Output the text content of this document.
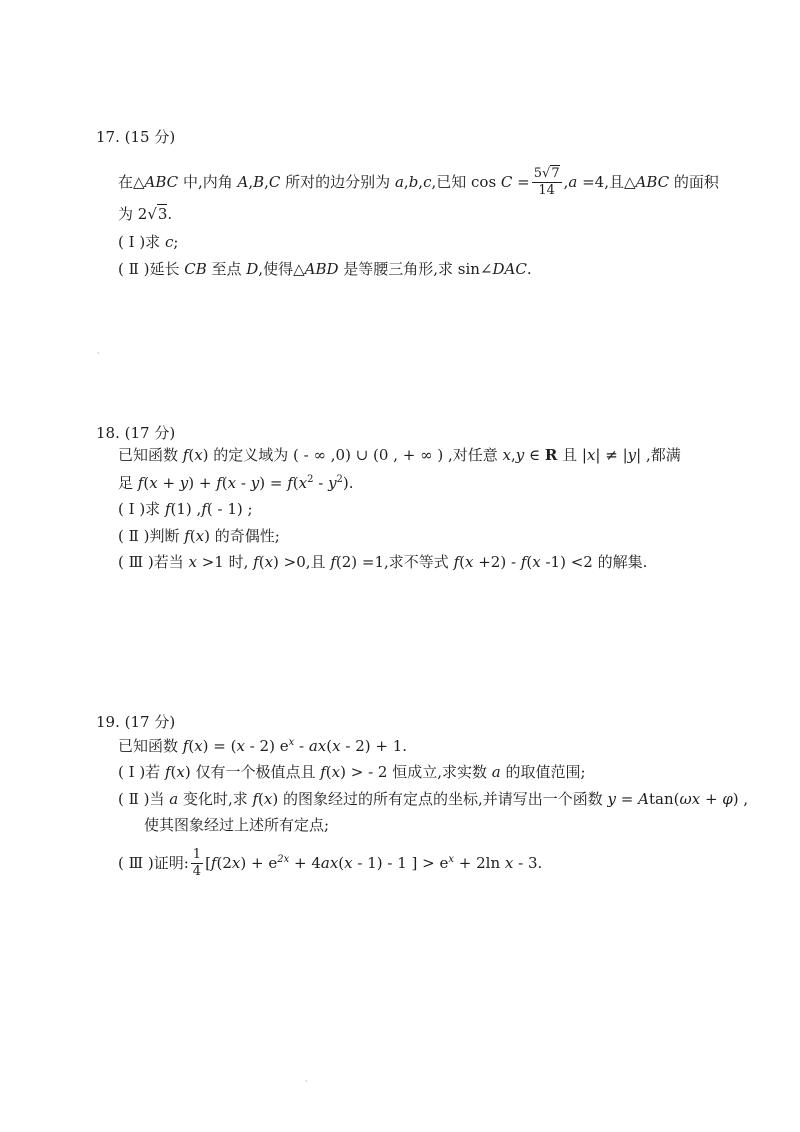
17. (15 分)
在△ABC 中,内角 A,B,C 所对的边分别为 a,b,c,已知 $\cos C = \frac{5√7}{14} ,a =4$,且△ABC 的面积
为 2√3.
( Ⅰ )求 c;
( Ⅱ )延长 CB 至点 D,使得△ABD 是等腰三角形,求 sin∠DAC.
18. (17 分)
已知函数 f(x) 的定义域为 ( - ∞ ,0) ∪ (0 , + ∞ ) ,对任意 x,y ∈ R 且 |x| ≠ |y| ,都满
足 $f(x + y) + f(x - y) = f(x^2 - y^2)$.
( Ⅰ )求 f(1) ,f( - 1) ;
( Ⅱ )判断 f(x) 的奇偶性;
( Ⅲ )若当 x >1 时, f(x) >0,且 f(2) =1,求不等式 f(x +2) - f(x -1) <2 的解集.
19. (17 分)
已知函数 f(x) = (x - 2) $e^x - ax(x - 2) + 1$.
( Ⅰ )若 f(x) 仅有一个极值点且 f(x) > - 2 恒成立,求实数 a 的取值范围;
( Ⅱ )当 a 变化时,求 f(x) 的图象经过的所有定点的坐标,并请写出一个函数 y = Atan(ωx + φ) ,
使其图象经过上述所有定点;
( Ⅲ )证明: $\frac{1}{4} [f(2x) + e^{2x} + 4ax(x - 1) - 1$ ] > $e^x + 2\ln$ x - 3.
